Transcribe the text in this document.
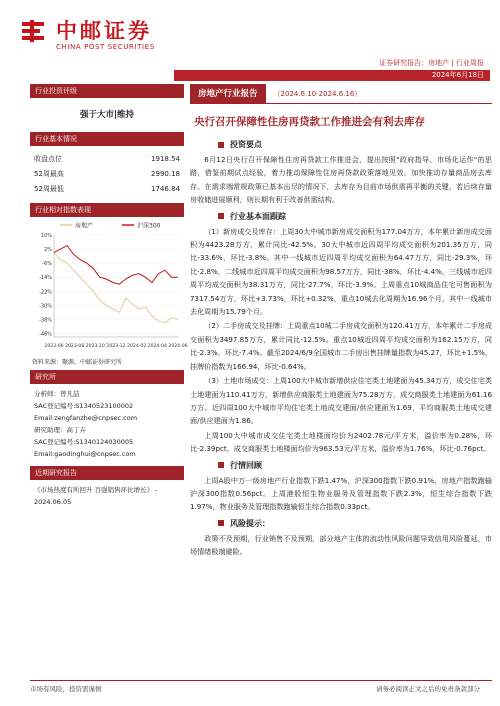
中邮证券
CHINA POST SECURITIES
证券研究报告：房地产 | 行业周报
2024年6月18日
行业投资评级
强于大市|维持
行业基本情况
收盘点位	1918.54
52周最高	2990.18
52周最低	1746.84
行业相对指数表现
房地产	沪深300
10%
2%
-6%
-14%
-22%
-30%
-38%
-46%
2023-06 2023-08 2023-10 2023-12 2024-02 2024-04 2024-06
资料来源：聚源，中邮证券研究所
研究所
分析师：曾凡喆
SAC登记编号:S1340523100002
Email:zengfanzhe@cnpsec.com
研究助理：高丁卉
SAC登记编号:S1340124030005
Email:gaodinghui@cnpsec.com
近期研究报告
《市场热度有所回升 百强销售环比增长》 - 2024.06.05
房地产行业报告	（2024.6.10-2024.6.16）
央行召开保障性住房再贷款工作推进会有利去库存
投资要点
6月12日央行召开保障性住房再贷款工作推进会，提出按照"政府指导、市场化运作"的思路，借鉴前期试点经验，着力推动保障性住房再贷款政策落地见效，加快推动存量商品房去库存。在需求端常规政策已基本出尽的情况下，去库存为目前市场供需再平衡的关键，若后续存量房收储进展顺利，则长期有利于改善供需结构。
行业基本面跟踪
（1）新房成交及库存：上周30大中城市新房成交面积为177.04万方，本年累计新房成交面积为4423.28万方，累计同比-42.5%。30大中城市近四周平均成交面积为201.35万方，同比-33.6%，环比-3.8%。其中一线城市近四周平均成交面积为64.47万方，同比-29.3%，环比-2.8%，二线城市近四周平均成交面积为98.57万方，同比-38%，环比-4.4%，三线城市近四周平均成交面积为38.31万方，同比-27.7%，环比-3.9%。上周重点10城商品住宅可售面积为7317.54万方，环比+3.73%，环比+0.32%，重点10城去化周期为16.96个月，其中一线城市去化周期为15.79个月。
（2）二手房成交及挂牌：上周重点10城二手房成交面积为120.41万方，本年累计二手房成交面积为3497.85万方，累计同比-12.5%。重点10城近四周平均成交面积为162.15万方，同比-2.3%，环比-7.4%。截至2024/6/9全国城市二手房出售挂牌量指数为45.27，环比+1.5%，挂牌价指数为166.94，环比-0.64%。
（3）土地市场成交：上周100大中城市新增供应住宅类土地建面为45.34万方，成交住宅类土地建面为110.41万方，新增供应商服类土地建面为75.28万方，成交商服类土地建面为61.16万方。近四周100大中城市平均住宅类土地成交建面/供应建面为1.69，平均商服类土地成交建面/供应建面为1.86。
上周100大中城市成交住宅类土地楼面均价为2402.78元/平方米，溢价率为0.28%，环比-2.39pct，成交商服类土地楼面均价为963.53元/平方米，溢价率为1.76%，环比-0.76pct。
行情回顾
上周A股中万一级房地产行业指数下跌1.47%，沪深300指数下跌0.91%，房地产指数跑输沪深300指数0.56pct。上周港股恒生物业服务及管理指数下跌2.3%，恒生综合指数下跌1.97%，物业服务及管理指数跑输恒生综合指数0.33pct。
风险提示：
政策不及预期，行业销售不及预期，部分地产主体的流动性风险问题导致信用风险蔓延，市场情绪极端避险。
市场有风险，投资需谨慎	请务必阅读正文之后的免责条款部分
